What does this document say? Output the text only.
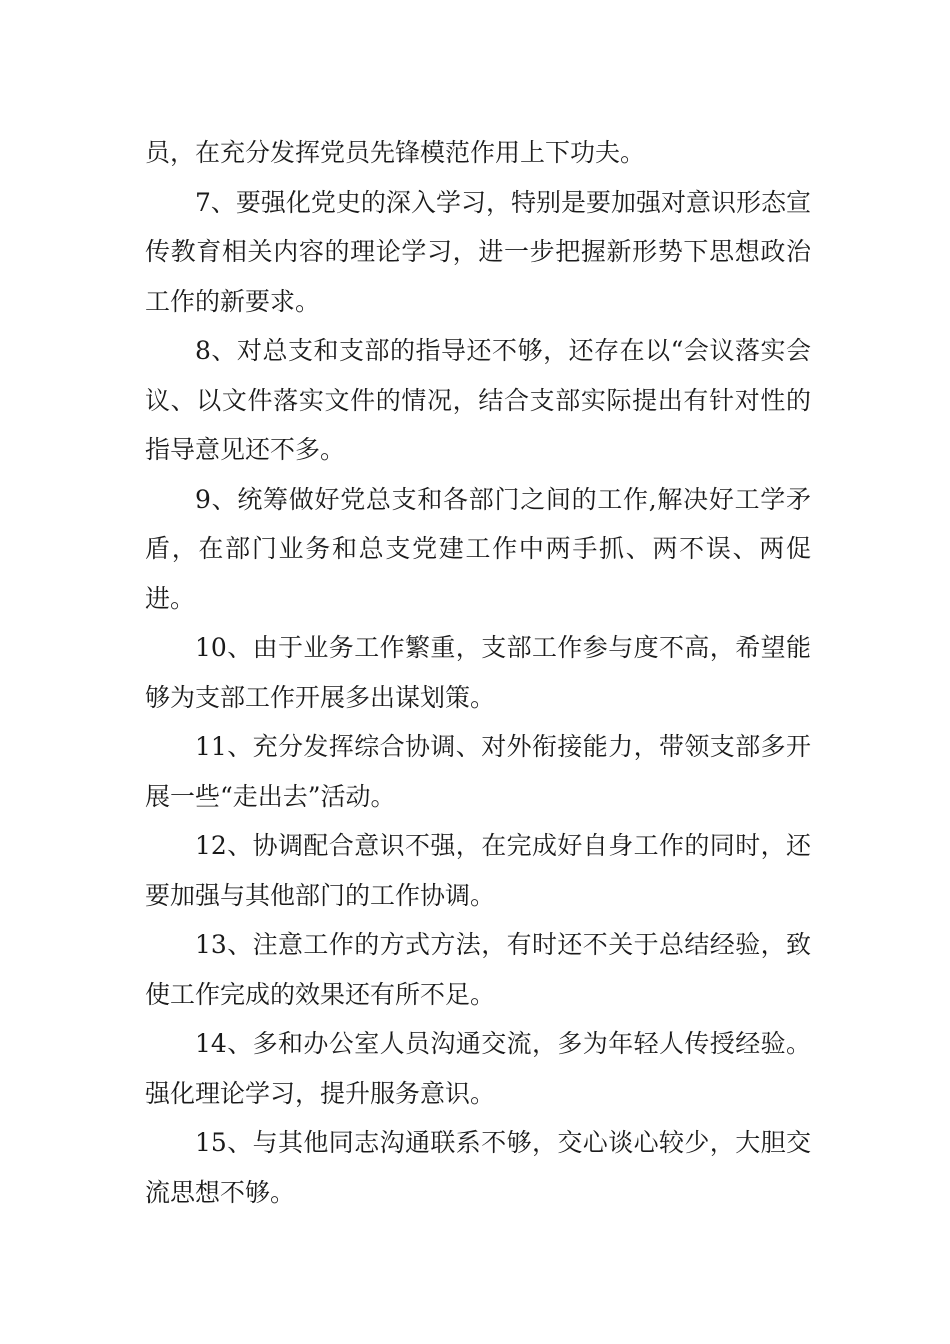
员，在充分发挥党员先锋模范作用上下功夫。

7、要强化党史的深入学习，特别是要加强对意识形态宣传教育相关内容的理论学习，进一步把握新形势下思想政治工作的新要求。

8、对总支和支部的指导还不够，还存在以“会议落实会议、以文件落实文件的情况，结合支部实际提出有针对性的指导意见还不多。

9、统筹做好党总支和各部门之间的工作,解决好工学矛盾，在部门业务和总支党建工作中两手抓、两不误、两促进。

10、由于业务工作繁重，支部工作参与度不高，希望能够为支部工作开展多出谋划策。

11、充分发挥综合协调、对外衔接能力，带领支部多开展一些“走出去”活动。

12、协调配合意识不强，在完成好自身工作的同时，还要加强与其他部门的工作协调。

13、注意工作的方式方法，有时还不关于总结经验，致使工作完成的效果还有所不足。

14、多和办公室人员沟通交流，多为年轻人传授经验。强化理论学习，提升服务意识。

15、与其他同志沟通联系不够，交心谈心较少，大胆交流思想不够。
